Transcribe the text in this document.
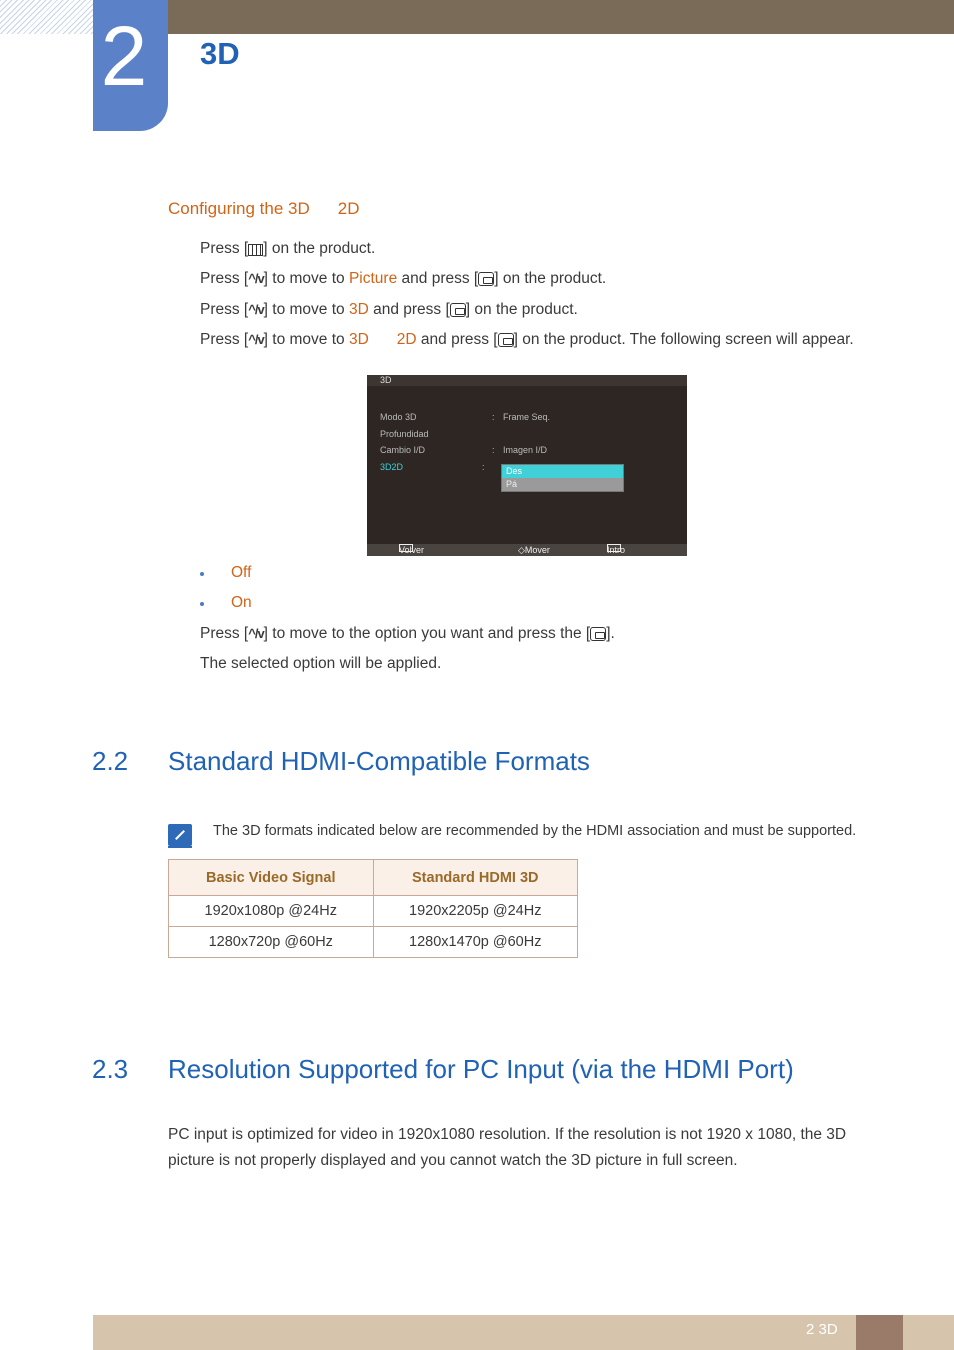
2 3D
Configuring the 3D 2D
Press [ ] on the product.
Press [^/v] to move to Picture and press [ ] on the product.
Press [^/v] to move to 3D and press [ ] on the product.
Press [^/v] to move to 3D 2D and press [ ] on the product. The following screen will appear.
3D
Modo 3D	: Frame Seq.
Profundidad
Cambio I/D	: Imagen I/D
3D2D	:	Des
Pá
Volver	◇ Mover	Intro
Off
On
Press [^/v] to move to the option you want and press the [ ].
The selected option will be applied.
2.2 Standard HDMI-Compatible Formats
The 3D formats indicated below are recommended by the HDMI association and must be supported.
Basic Video Signal	Standard HDMI 3D
1920x1080p @24Hz	1920x2205p @24Hz
1280x720p @60Hz	1280x1470p @60Hz
2.3 Resolution Supported for PC Input (via the HDMI Port)
PC input is optimized for video in 1920x1080 resolution. If the resolution is not 1920 x 1080, the 3D picture is not properly displayed and you cannot watch the 3D picture in full screen.
2 3D
